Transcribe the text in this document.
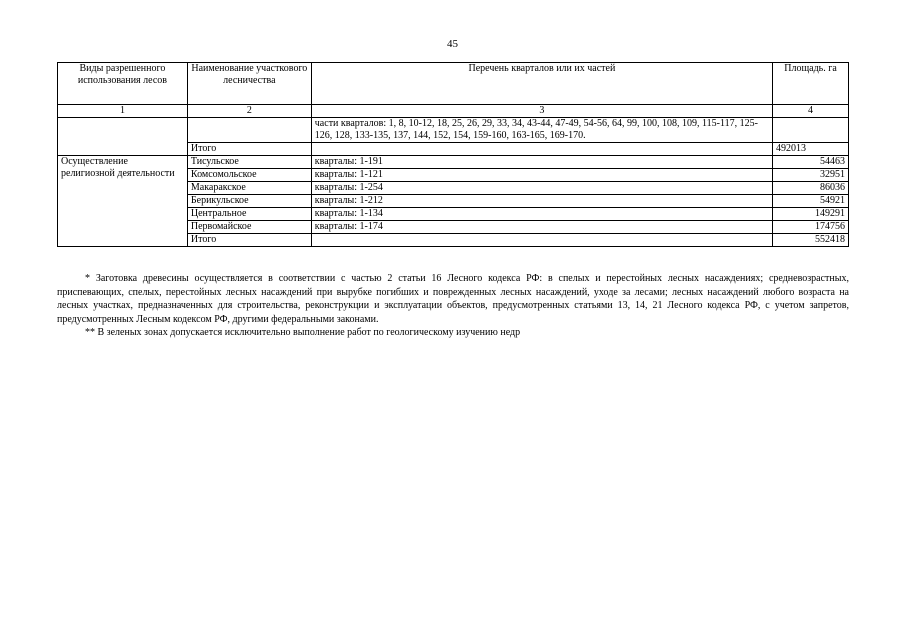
45
Виды разрешенного использования лесов	Наименование участкового лесничества	Перечень кварталов или их частей	Площадь. га
1	2	3	4
		части кварталов: 1, 8, 10-12, 18, 25, 26, 29, 33, 34, 43-44, 47-49, 54-56, 64, 99, 100, 108, 109, 115-117, 125-126, 128, 133-135, 137, 144, 152, 154, 159-160, 163-165, 169-170.	
	Итого		492013
Осуществление религиозной деятельности	Тисульское	кварталы: 1-191	54463
	Комсомольское	кварталы: 1-121	32951
	Макаракское	кварталы: 1-254	86036
	Берикульское	кварталы: 1-212	54921
	Центральное	кварталы: 1-134	149291
	Первомайское	кварталы: 1-174	174756
	Итого		552418

* Заготовка древесины осуществляется в соответствии с частью 2 статьи 16 Лесного кодекса РФ: в спелых и перестойных лесных насаждениях; средневозрастных, приспевающих, спелых, перестойных лесных насаждений при вырубке погибших и поврежденных лесных насаждений, уходе за лесами; лесных насаждений любого возраста на лесных участках, предназначенных для строительства, реконструкции и эксплуатации объектов, предусмотренных статьями 13, 14, 21 Лесного кодекса РФ, с учетом запретов, предусмотренных Лесным кодексом РФ, другими федеральными законами.

** В зеленых зонах допускается исключительно выполнение работ по геологическому изучению недр
